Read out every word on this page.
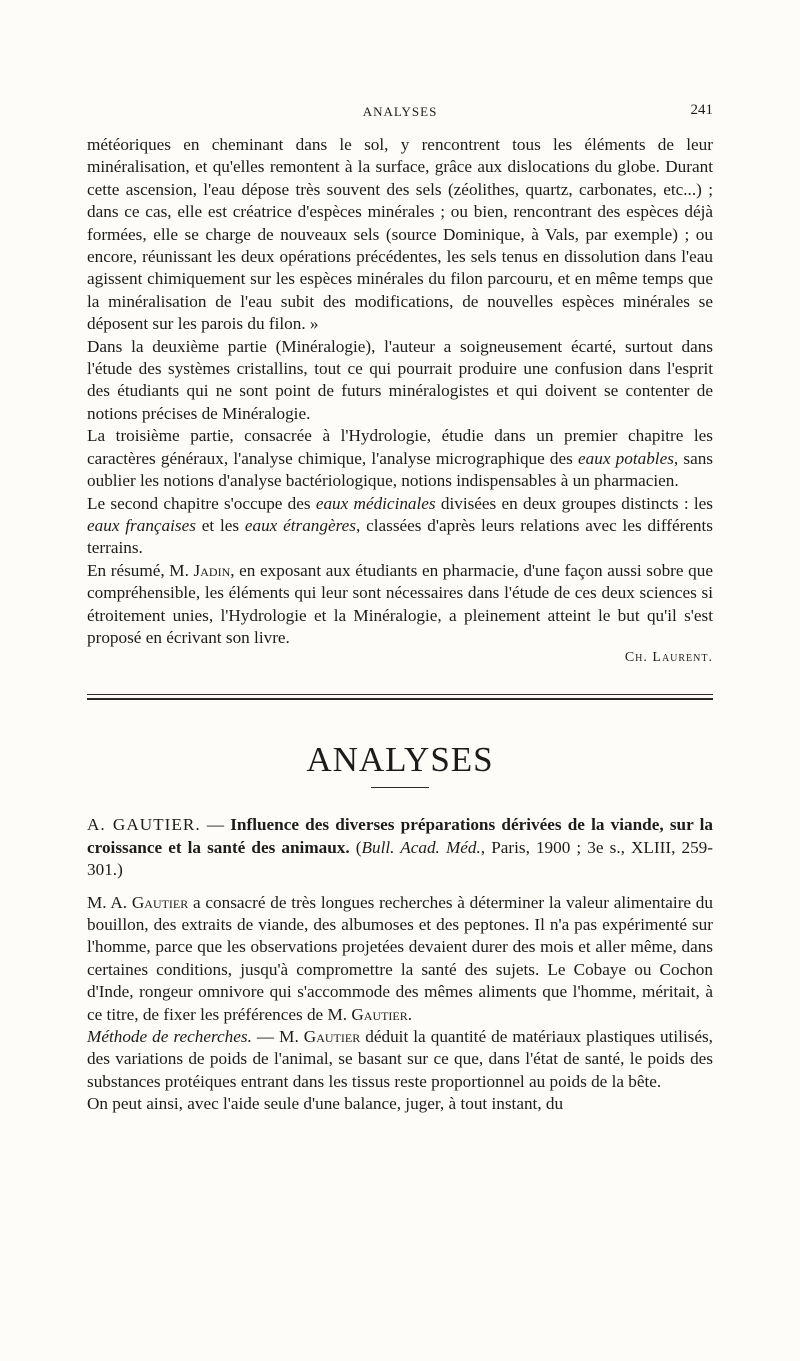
ANALYSES	241

météoriques en cheminant dans le sol, y rencontrent tous les éléments de leur minéralisation, et qu'elles remontent à la surface, grâce aux dislocations du globe. Durant cette ascension, l'eau dépose très souvent des sels (zéolithes, quartz, carbonates, etc...) ; dans ce cas, elle est créatrice d'espèces minérales ; ou bien, rencontrant des espèces déjà formées, elle se charge de nouveaux sels (source Dominique, à Vals, par exemple) ; ou encore, réunissant les deux opérations précédentes, les sels tenus en dissolution dans l'eau agissent chimiquement sur les espèces minérales du filon parcouru, et en même temps que la minéralisation de l'eau subit des modifications, de nouvelles espèces minérales se déposent sur les parois du filon. »

Dans la deuxième partie (Minéralogie), l'auteur a soigneusement écarté, surtout dans l'étude des systèmes cristallins, tout ce qui pourrait produire une confusion dans l'esprit des étudiants qui ne sont point de futurs minéralogistes et qui doivent se contenter de notions précises de Minéralogie.

La troisième partie, consacrée à l'Hydrologie, étudie dans un premier chapitre les caractères généraux, l'analyse chimique, l'analyse micrographique des eaux potables, sans oublier les notions d'analyse bactériologique, notions indispensables à un pharmacien.

Le second chapitre s'occupe des eaux médicinales divisées en deux groupes distincts : les eaux françaises et les eaux étrangères, classées d'après leurs relations avec les différents terrains.

En résumé, M. Jadin, en exposant aux étudiants en pharmacie, d'une façon aussi sobre que compréhensible, les éléments qui leur sont nécessaires dans l'étude de ces deux sciences si étroitement unies, l'Hydrologie et la Minéralogie, a pleinement atteint le but qu'il s'est proposé en écrivant son livre.

Ch. Laurent.
ANALYSES

A. GAUTIER. — Influence des diverses préparations dérivées de la viande, sur la croissance et la santé des animaux. (Bull. Acad. Méd., Paris, 1900 ; 3e s., XLIII, 259-301.)

M. A. Gautier a consacré de très longues recherches à déterminer la valeur alimentaire du bouillon, des extraits de viande, des albumoses et des peptones. Il n'a pas expérimenté sur l'homme, parce que les observations projetées devaient durer des mois et aller même, dans certaines conditions, jusqu'à compromettre la santé des sujets. Le Cobaye ou Cochon d'Inde, rongeur omnivore qui s'accommode des mêmes aliments que l'homme, méritait, à ce titre, de fixer les préférences de M. Gautier.

Méthode de recherches. — M. Gautier déduit la quantité de matériaux plastiques utilisés, des variations de poids de l'animal, se basant sur ce que, dans l'état de santé, le poids des substances protéiques entrant dans les tissus reste proportionnel au poids de la bête.

On peut ainsi, avec l'aide seule d'une balance, juger, à tout instant, du
